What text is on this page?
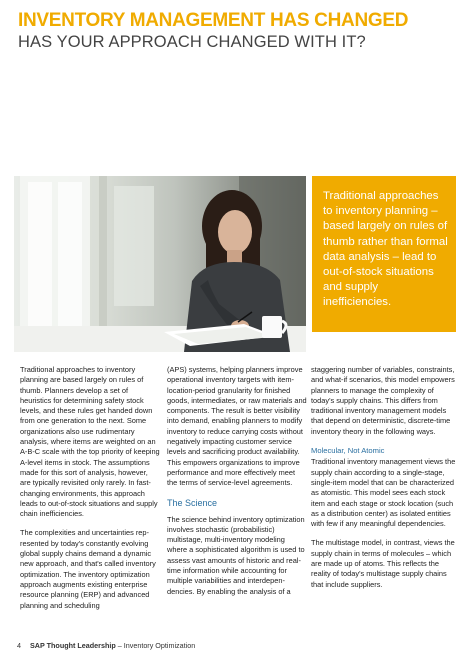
INVENTORY MANAGEMENT HAS CHANGED
HAS YOUR APPROACH CHANGED WITH IT?
Traditional approaches to inventory planning – based largely on rules of thumb rather than formal data analysis – lead to out-of-stock situations and supply inefficiencies.

Traditional approaches to inventory planning are based largely on rules of thumb. Planners develop a set of heuristics for determining safety stock levels, and these rules get handed down from one generation to the next. Some organizations also use rudimentary analysis, where items are weighted on an A-B-C scale with the top priority of keeping A-level items in stock. The assumptions made for this sort of analysis, however, are typically revisited only rarely. In fast-changing environments, this approach leads to out-of-stock situations and supply chain inefficiencies.

The complexities and uncertainties represented by today's constantly evolving global supply chains demand a dynamic new approach, and that's called inventory optimization. The inventory optimization approach augments existing enterprise resource planning (ERP) and advanced planning and scheduling

(APS) systems, helping planners improve operational inventory targets with item-location-period granularity for finished goods, intermediates, or raw materials and components. The result is better visibility into demand, enabling planners to modify inventory to reduce carrying costs without negatively impacting customer service levels and sacrificing product availability. This empowers organizations to improve performance and more effectively meet the terms of service-level agreements.

The Science

The science behind inventory optimization involves stochastic (probabilistic) multistage, multi-inventory modeling where a sophisticated algorithm is used to assess vast amounts of historic and real-time information while accounting for multiple variabilities and interdependencies. By enabling the analysis of a

staggering number of variables, constraints, and what-if scenarios, this model empowers planners to manage the complexity of today's supply chains. This differs from traditional inventory management models that depend on deterministic, discrete-time inventory theory in the following ways.

Molecular, Not Atomic

Traditional inventory management views the supply chain according to a single-stage, single-item model that can be characterized as atomistic. This model sees each stock item and each stage or stock location (such as a distribution center) as isolated entities with few if any meaningful dependencies.

The multistage model, in contrast, views the supply chain in terms of molecules – which are made up of atoms. This reflects the reality of today's multistage supply chains that include suppliers.

4 SAP Thought Leadership – Inventory Optimization
